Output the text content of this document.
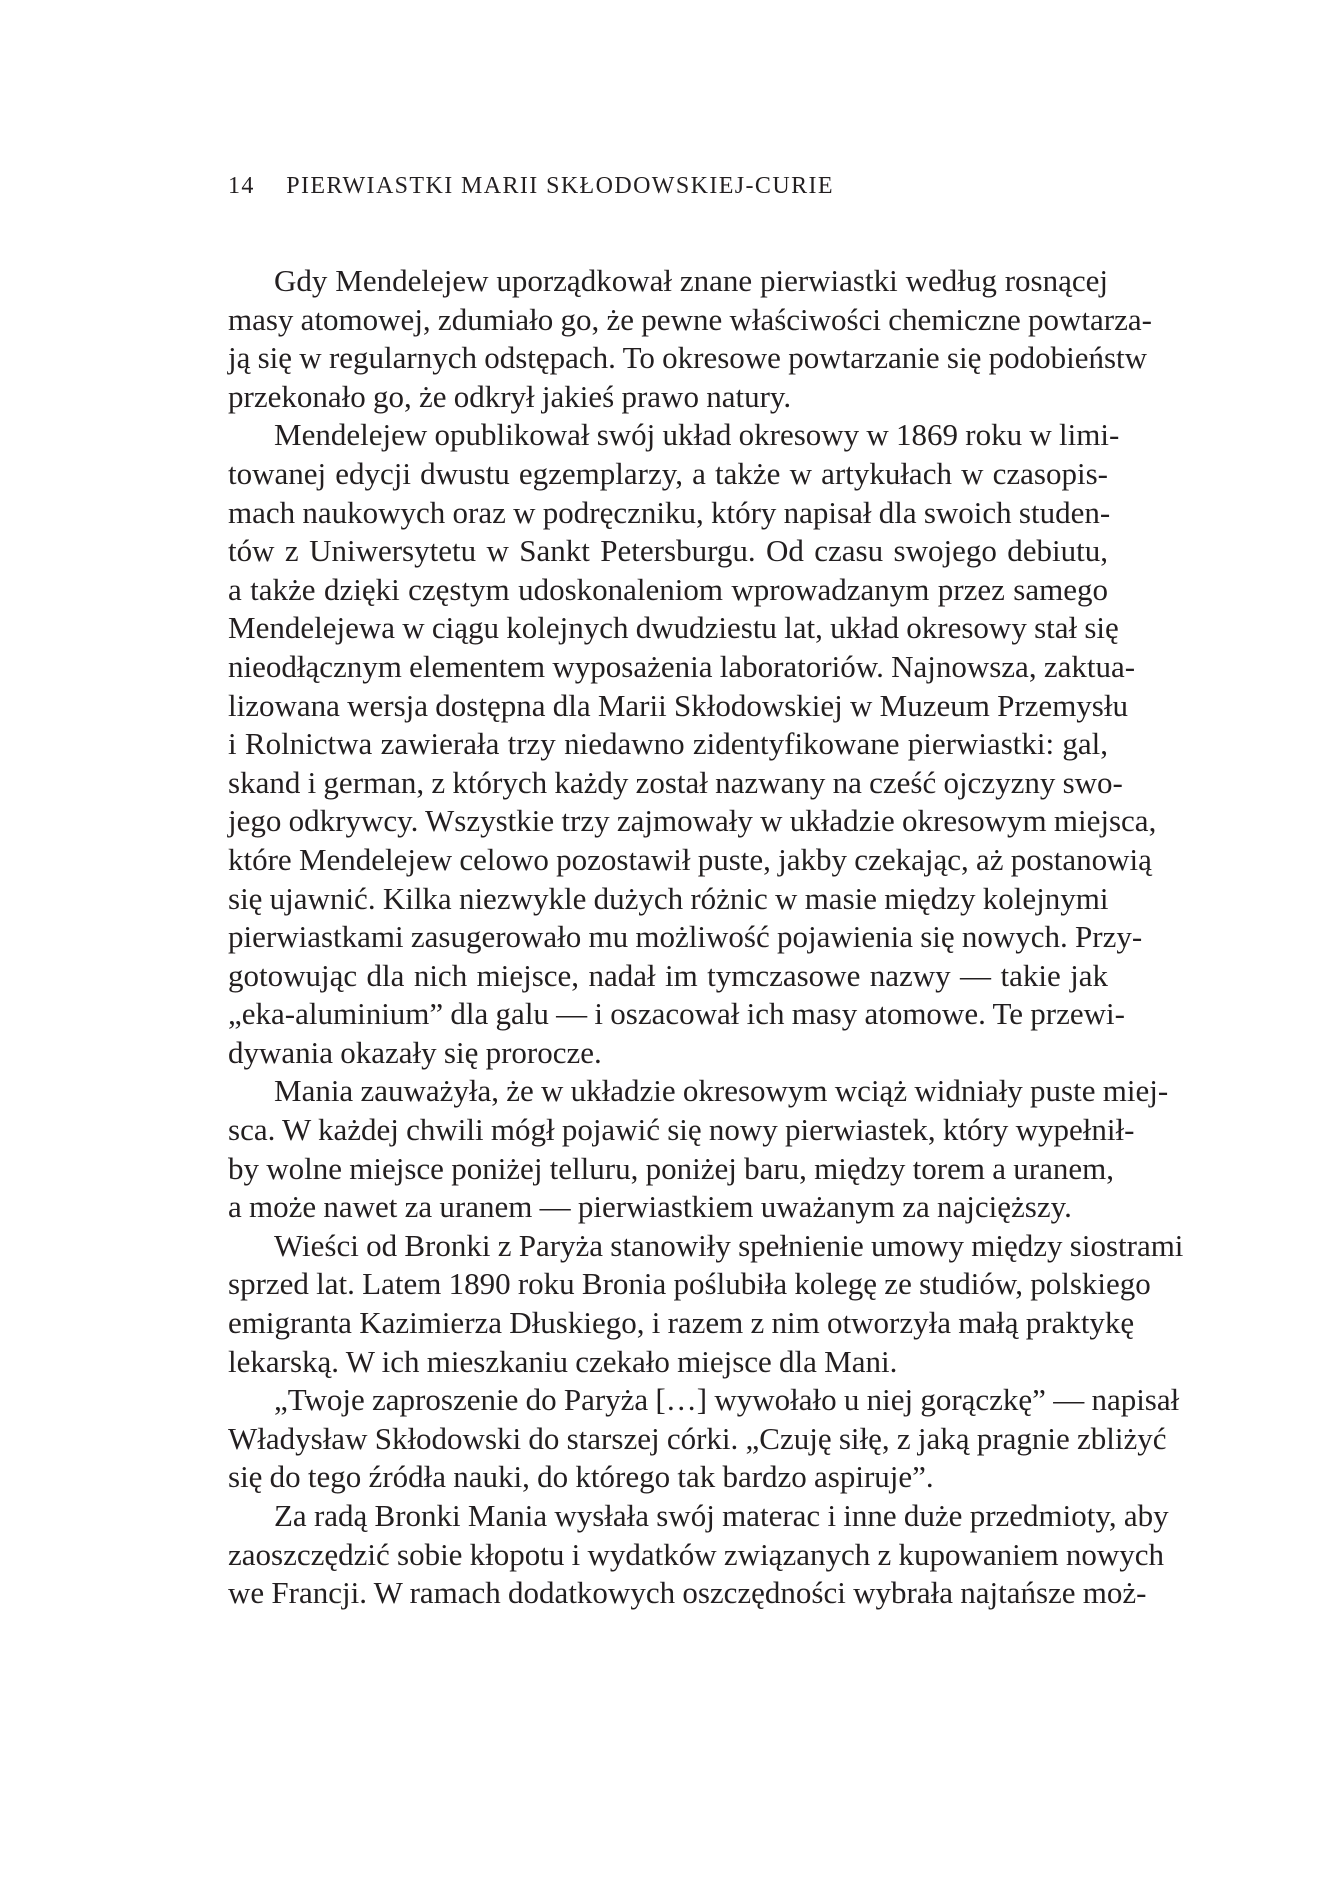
14 PIERWIASTKI MARII SKŁODOWSKIEJ-CURIE
Gdy Mendelejew uporządkował znane pierwiastki według rosnącej
masy atomowej, zdumiało go, że pewne właściwości chemiczne powtarza-
ją się w regularnych odstępach. To okresowe powtarzanie się podobieństw
przekonało go, że odkrył jakieś prawo natury.
Mendelejew opublikował swój układ okresowy w 1869 roku w limi-
towanej edycji dwustu egzemplarzy, a także w artykułach w czasopis-
mach naukowych oraz w podręczniku, który napisał dla swoich studen-
tów z Uniwersytetu w Sankt Petersburgu. Od czasu swojego debiutu,
a także dzięki częstym udoskonaleniom wprowadzanym przez samego
Mendelejewa w ciągu kolejnych dwudziestu lat, układ okresowy stał się
nieodłącznym elementem wyposażenia laboratoriów. Najnowsza, zaktua-
lizowana wersja dostępna dla Marii Skłodowskiej w Muzeum Przemysłu
i Rolnictwa zawierała trzy niedawno zidentyfikowane pierwiastki: gal,
skand i german, z których każdy został nazwany na cześć ojczyzny swo-
jego odkrywcy. Wszystkie trzy zajmowały w układzie okresowym miejsca,
które Mendelejew celowo pozostawił puste, jakby czekając, aż postanowią
się ujawnić. Kilka niezwykle dużych różnic w masie między kolejnymi
pierwiastkami zasugerowało mu możliwość pojawienia się nowych. Przy-
gotowując dla nich miejsce, nadał im tymczasowe nazwy — takie jak
„eka-aluminium” dla galu — i oszacował ich masy atomowe. Te przewi-
dywania okazały się prorocze.
Mania zauważyła, że w układzie okresowym wciąż widniały puste miej-
sca. W każdej chwili mógł pojawić się nowy pierwiastek, który wypełnił-
by wolne miejsce poniżej telluru, poniżej baru, między torem a uranem,
a może nawet za uranem — pierwiastkiem uważanym za najcięższy.
Wieści od Bronki z Paryża stanowiły spełnienie umowy między siostrami
sprzed lat. Latem 1890 roku Bronia poślubiła kolegę ze studiów, polskiego
emigranta Kazimierza Dłuskiego, i razem z nim otworzyła małą praktykę
lekarską. W ich mieszkaniu czekało miejsce dla Mani.
„Twoje zaproszenie do Paryża […] wywołało u niej gorączkę” — napisał
Władysław Skłodowski do starszej córki. „Czuję siłę, z jaką pragnie zbliżyć
się do tego źródła nauki, do którego tak bardzo aspiruje”.
Za radą Bronki Mania wysłała swój materac i inne duże przedmioty, aby
zaoszczędzić sobie kłopotu i wydatków związanych z kupowaniem nowych
we Francji. W ramach dodatkowych oszczędności wybrała najtańsze moż-
